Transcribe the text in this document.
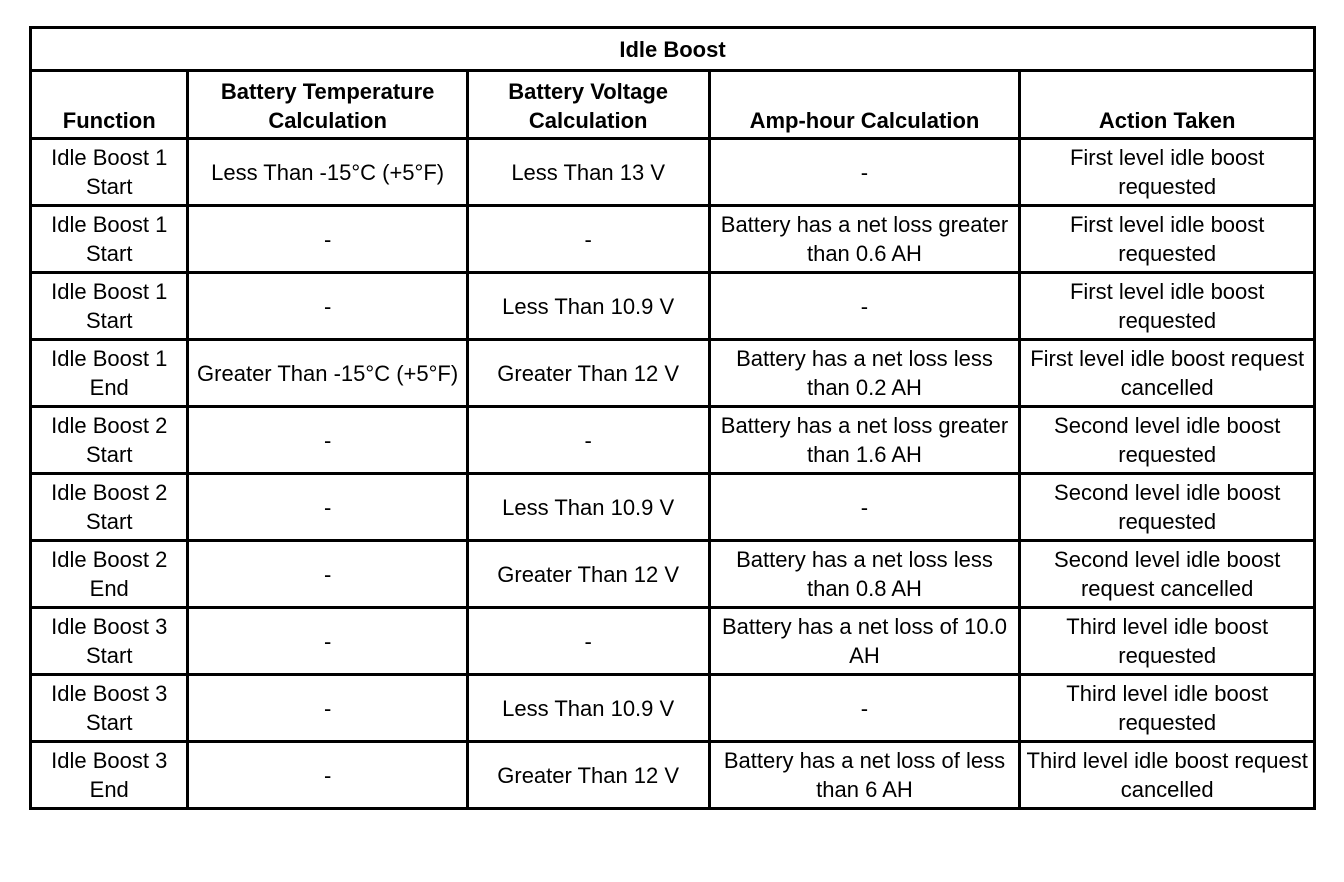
Idle Boost				
Function	Battery Temperature Calculation	Battery Voltage Calculation	Amp-hour Calculation	Action Taken
Idle Boost 1 Start	Less Than -15°C (+5°F)	Less Than 13 V	-	First level idle boost requested
Idle Boost 1 Start	-	-	Battery has a net loss greater than 0.6 AH	First level idle boost requested
Idle Boost 1 Start	-	Less Than 10.9 V	-	First level idle boost requested
Idle Boost 1 End	Greater Than -15°C (+5°F)	Greater Than 12 V	Battery has a net loss less than 0.2 AH	First level idle boost request cancelled
Idle Boost 2 Start	-	-	Battery has a net loss greater than 1.6 AH	Second level idle boost requested
Idle Boost 2 Start	-	Less Than 10.9 V	-	Second level idle boost requested
Idle Boost 2 End	-	Greater Than 12 V	Battery has a net loss less than 0.8 AH	Second level idle boost request cancelled
Idle Boost 3 Start	-	-	Battery has a net loss of 10.0 AH	Third level idle boost requested
Idle Boost 3 Start	-	Less Than 10.9 V	-	Third level idle boost requested
Idle Boost 3 End	-	Greater Than 12 V	Battery has a net loss of less than 6 AH	Third level idle boost request cancelled
